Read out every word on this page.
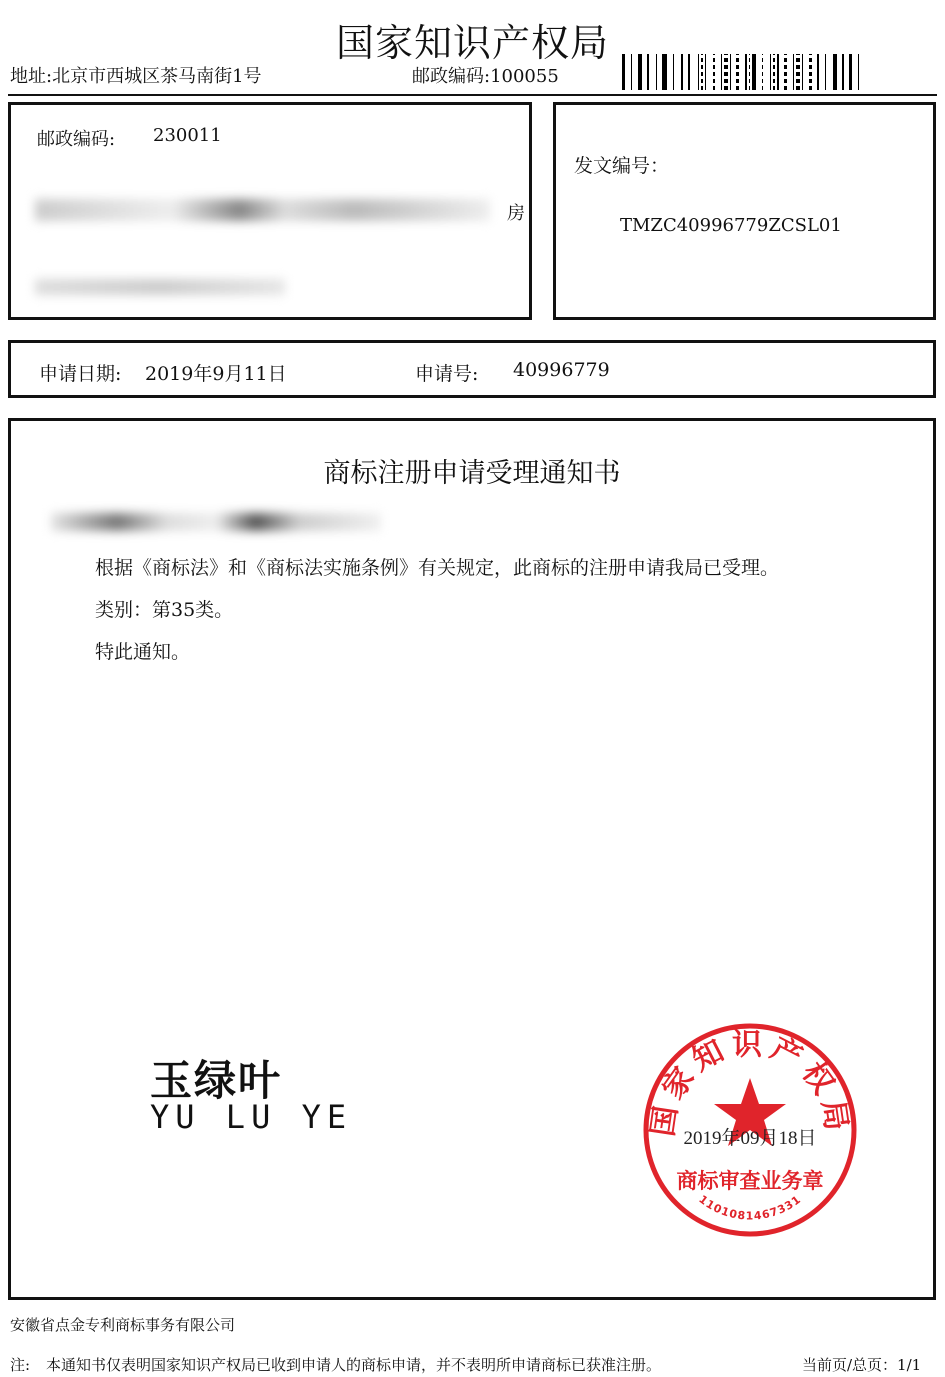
国家知识产权局
地址:北京市西城区茶马南街1号	邮政编码:100055
邮政编码: 230011
房
发文编号：
TMZC40996779ZCSL01
申请日期: 2019年9月11日	申请号: 40996779
商标注册申请受理通知书
根据《商标法》和《商标法实施条例》有关规定，此商标的注册申请我局已受理。
类别：第35类。
特此通知。
玉绿叶
YU LU YE	国家知识产权局
商标审查业务章
1101081467331
2019年09月18日
安徽省点金专利商标事务有限公司
注: 本通知书仅表明国家知识产权局已收到申请人的商标申请，并不表明所申请商标已获准注册。	当前页/总页：1/1
